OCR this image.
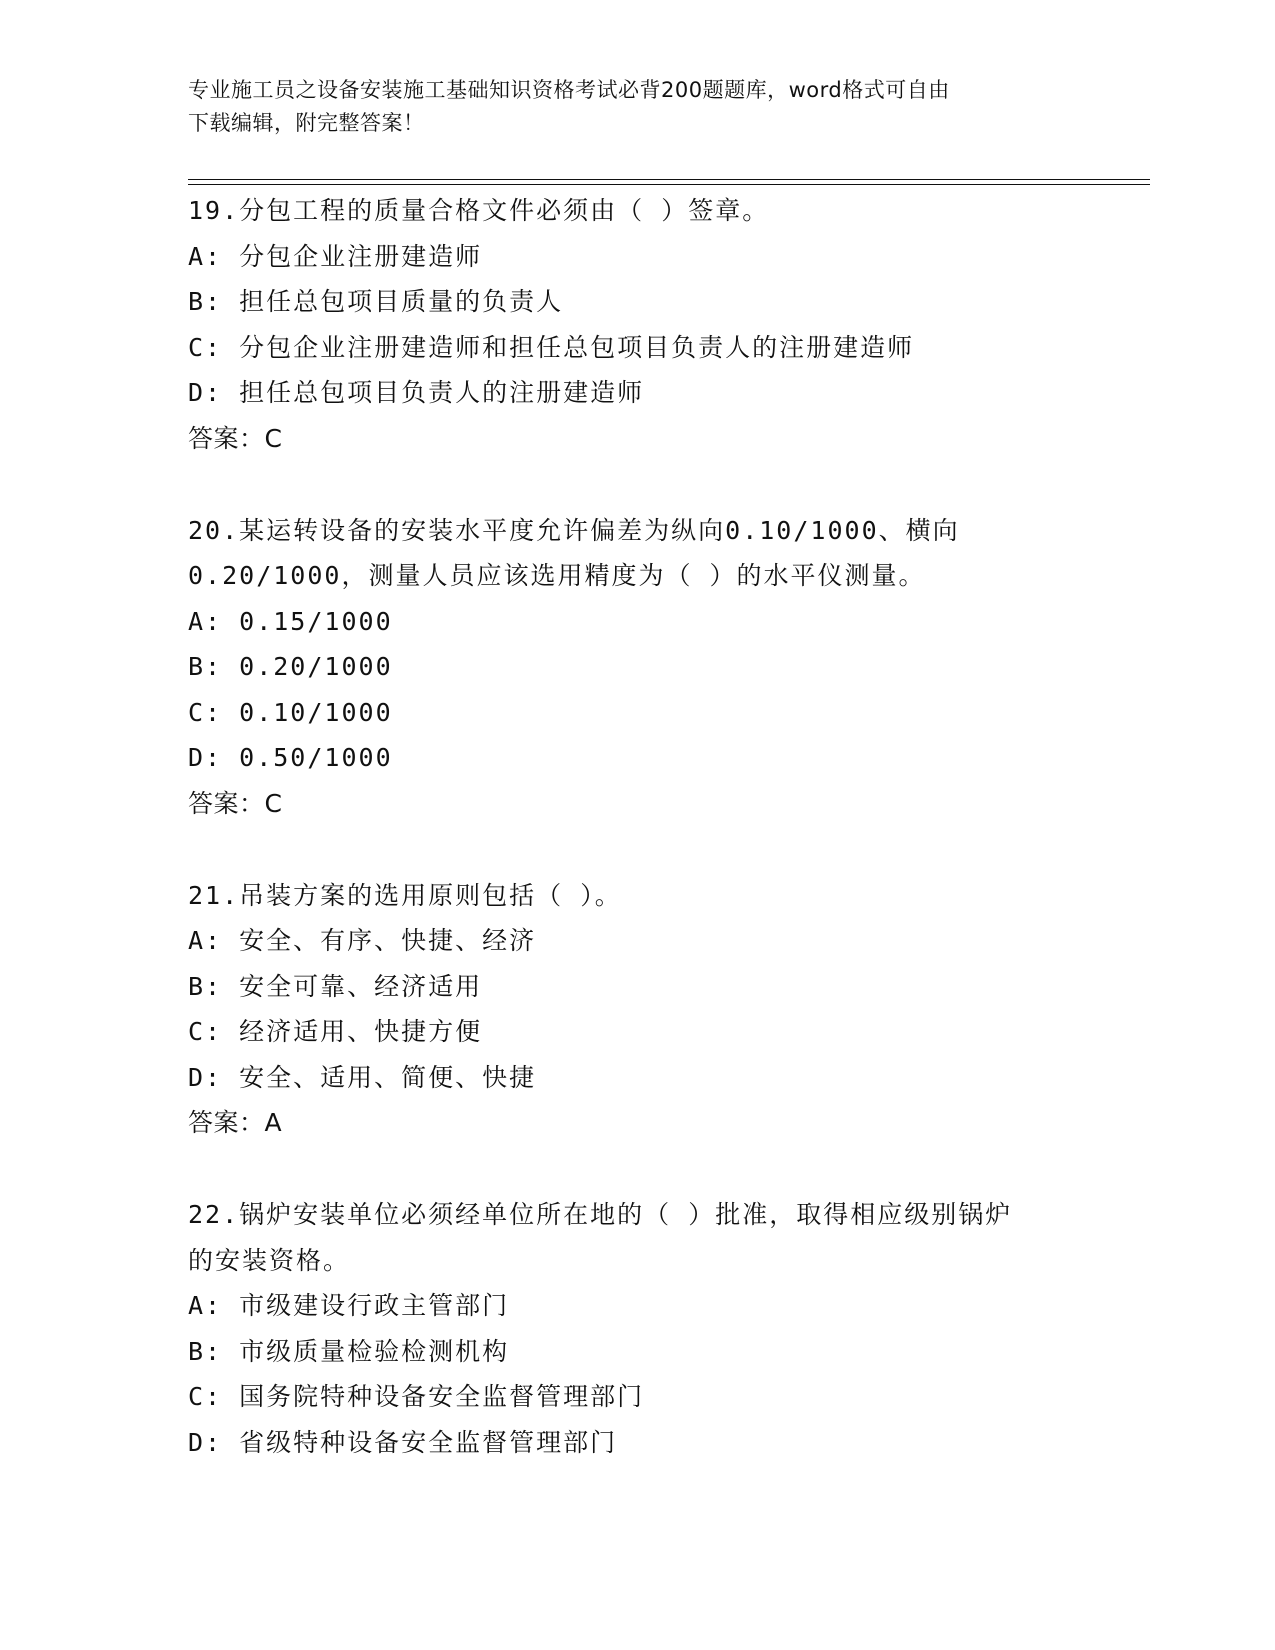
专业施工员之设备安装施工基础知识资格考试必背200题题库，word格式可自由
下载编辑，附完整答案！
19.分包工程的质量合格文件必须由（ ）签章。
A: 分包企业注册建造师
B: 担任总包项目质量的负责人
C: 分包企业注册建造师和担任总包项目负责人的注册建造师
D: 担任总包项目负责人的注册建造师
答案：C
20.某运转设备的安装水平度允许偏差为纵向0.10/1000、横向
0.20/1000，测量人员应该选用精度为（ ）的水平仪测量。
A: 0.15/1000
B: 0.20/1000
C: 0.10/1000
D: 0.50/1000
答案：C
21.吊装方案的选用原则包括（ ）。
A: 安全、有序、快捷、经济
B: 安全可靠、经济适用
C: 经济适用、快捷方便
D: 安全、适用、简便、快捷
答案：A
22.锅炉安装单位必须经单位所在地的（ ）批准，取得相应级别锅炉
的安装资格。
A: 市级建设行政主管部门
B: 市级质量检验检测机构
C: 国务院特种设备安全监督管理部门
D: 省级特种设备安全监督管理部门
